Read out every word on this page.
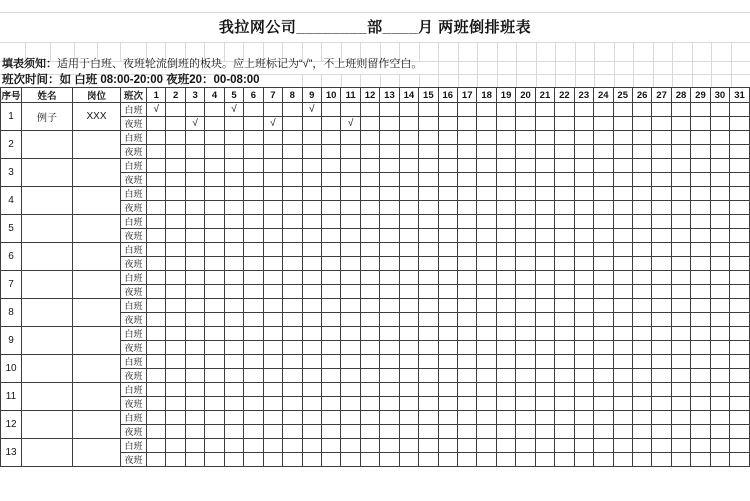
我拉网公司________部____月 两班倒排班表
填表须知：适用于白班、夜班轮流倒班的板块。应上班标记为“√”，不上班则留作空白。
班次时间：如 白班 08:00-20:00 夜班20：00-08:00
序号	姓名	岗位	班次	1	2	3	4	5	6	7	8	9	10	11	12	13	14	15	16	17	18	19	20	21	22	23	24	25	26	27	28	29	30	31
1	例子	XXX	白班	√				√				√																						
			夜班			√				√				√																				
2			白班																															
			夜班																															
3			白班																															
			夜班																															
4			白班																															
			夜班																															
5			白班																															
			夜班																															
6			白班																															
			夜班																															
7			白班																															
			夜班																															
8			白班																															
			夜班																															
9			白班																															
			夜班																															
10			白班																															
			夜班																															
11			白班																															
			夜班																															
12			白班																															
			夜班																															
13			白班																															
			夜班																															
